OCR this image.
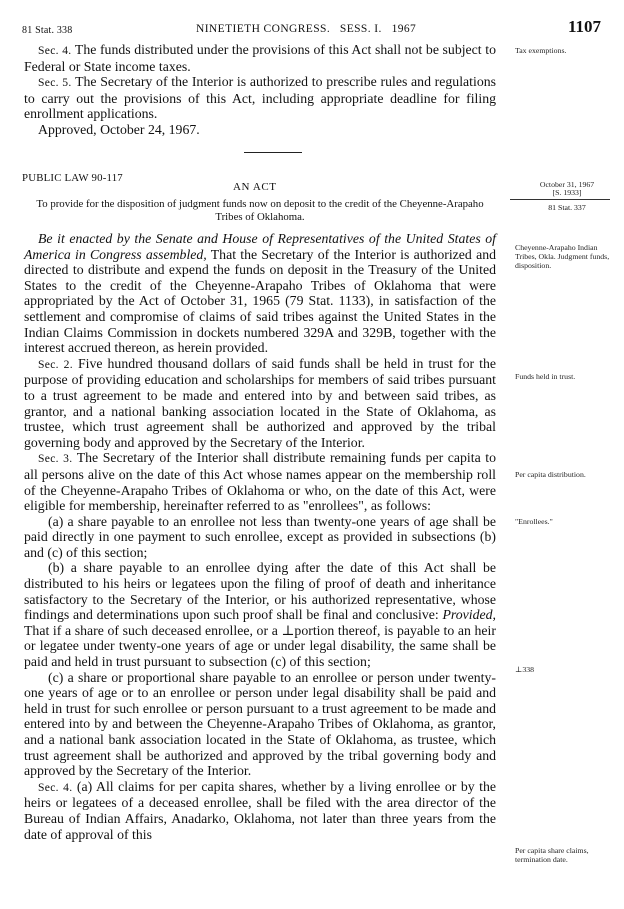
81 Stat. 338	NINETIETH CONGRESS.   SESS. I.   1967	1107

Sec. 4. The funds distributed under the provisions of this Act shall not be subject to Federal or State income taxes.

Sec. 5. The Secretary of the Interior is authorized to prescribe rules and regulations to carry out the provisions of this Act, including appropriate deadline for filing enrollment applications.

Approved, October 24, 1967.
PUBLIC LAW 90-117
AN ACT
To provide for the disposition of judgment funds now on deposit to the credit of the Cheyenne-Arapaho Tribes of Oklahoma.

Be it enacted by the Senate and House of Representatives of the United States of America in Congress assembled, That the Secretary of the Interior is authorized and directed to distribute and expend the funds on deposit in the Treasury of the United States to the credit of the Cheyenne-Arapaho Tribes of Oklahoma that were appropriated by the Act of October 31, 1965 (79 Stat. 1133), in satisfaction of the settlement and compromise of claims of said tribes against the United States in the Indian Claims Commission in dockets numbered 329A and 329B, together with the interest accrued thereon, as herein provided.

Sec. 2. Five hundred thousand dollars of said funds shall be held in trust for the purpose of providing education and scholarships for members of said tribes pursuant to a trust agreement to be made and entered into by and between said tribes, as grantor, and a national banking association located in the State of Oklahoma, as trustee, which trust agreement shall be authorized and approved by the tribal governing body and approved by the Secretary of the Interior.

Sec. 3. The Secretary of the Interior shall distribute remaining funds per capita to all persons alive on the date of this Act whose names appear on the membership roll of the Cheyenne-Arapaho Tribes of Oklahoma or who, on the date of this Act, were eligible for membership, hereinafter referred to as "enrollees", as follows:

(a) a share payable to an enrollee not less than twenty-one years of age shall be paid directly in one payment to such enrollee, except as provided in subsections (b) and (c) of this section;

(b) a share payable to an enrollee dying after the date of this Act shall be distributed to his heirs or legatees upon the filing of proof of death and inheritance satisfactory to the Secretary of the Interior, or his authorized representative, whose findings and determinations upon such proof shall be final and conclusive: Provided, That if a share of such deceased enrollee, or a ⊥portion thereof, is payable to an heir or legatee under twenty-one years of age or under legal disability, the same shall be paid and held in trust pursuant to subsection (c) of this section;

(c) a share or proportional share payable to an enrollee or person under twenty-one years of age or to an enrollee or person under legal disability shall be paid and held in trust for such enrollee or person pursuant to a trust agreement to be made and entered into by and between the Cheyenne-Arapaho Tribes of Oklahoma, as grantor, and a national bank association located in the State of Oklahoma, as trustee, which trust agreement shall be authorized and approved by the tribal governing body and approved by the Secretary of the Interior.

Sec. 4. (a) All claims for per capita shares, whether by a living enrollee or by the heirs or legatees of a deceased enrollee, shall be filed with the area director of the Bureau of Indian Affairs, Anadarko, Oklahoma, not later than three years from the date of approval of this

Tax exemptions.
October 31, 1967
[S. 1933]
81 Stat. 337
Cheyenne-Arapaho Indian Tribes, Okla. Judgment funds, disposition.
Funds held in trust.
Per capita distribution.
"Enrollees."
⊥338
Per capita share claims, termination date.
